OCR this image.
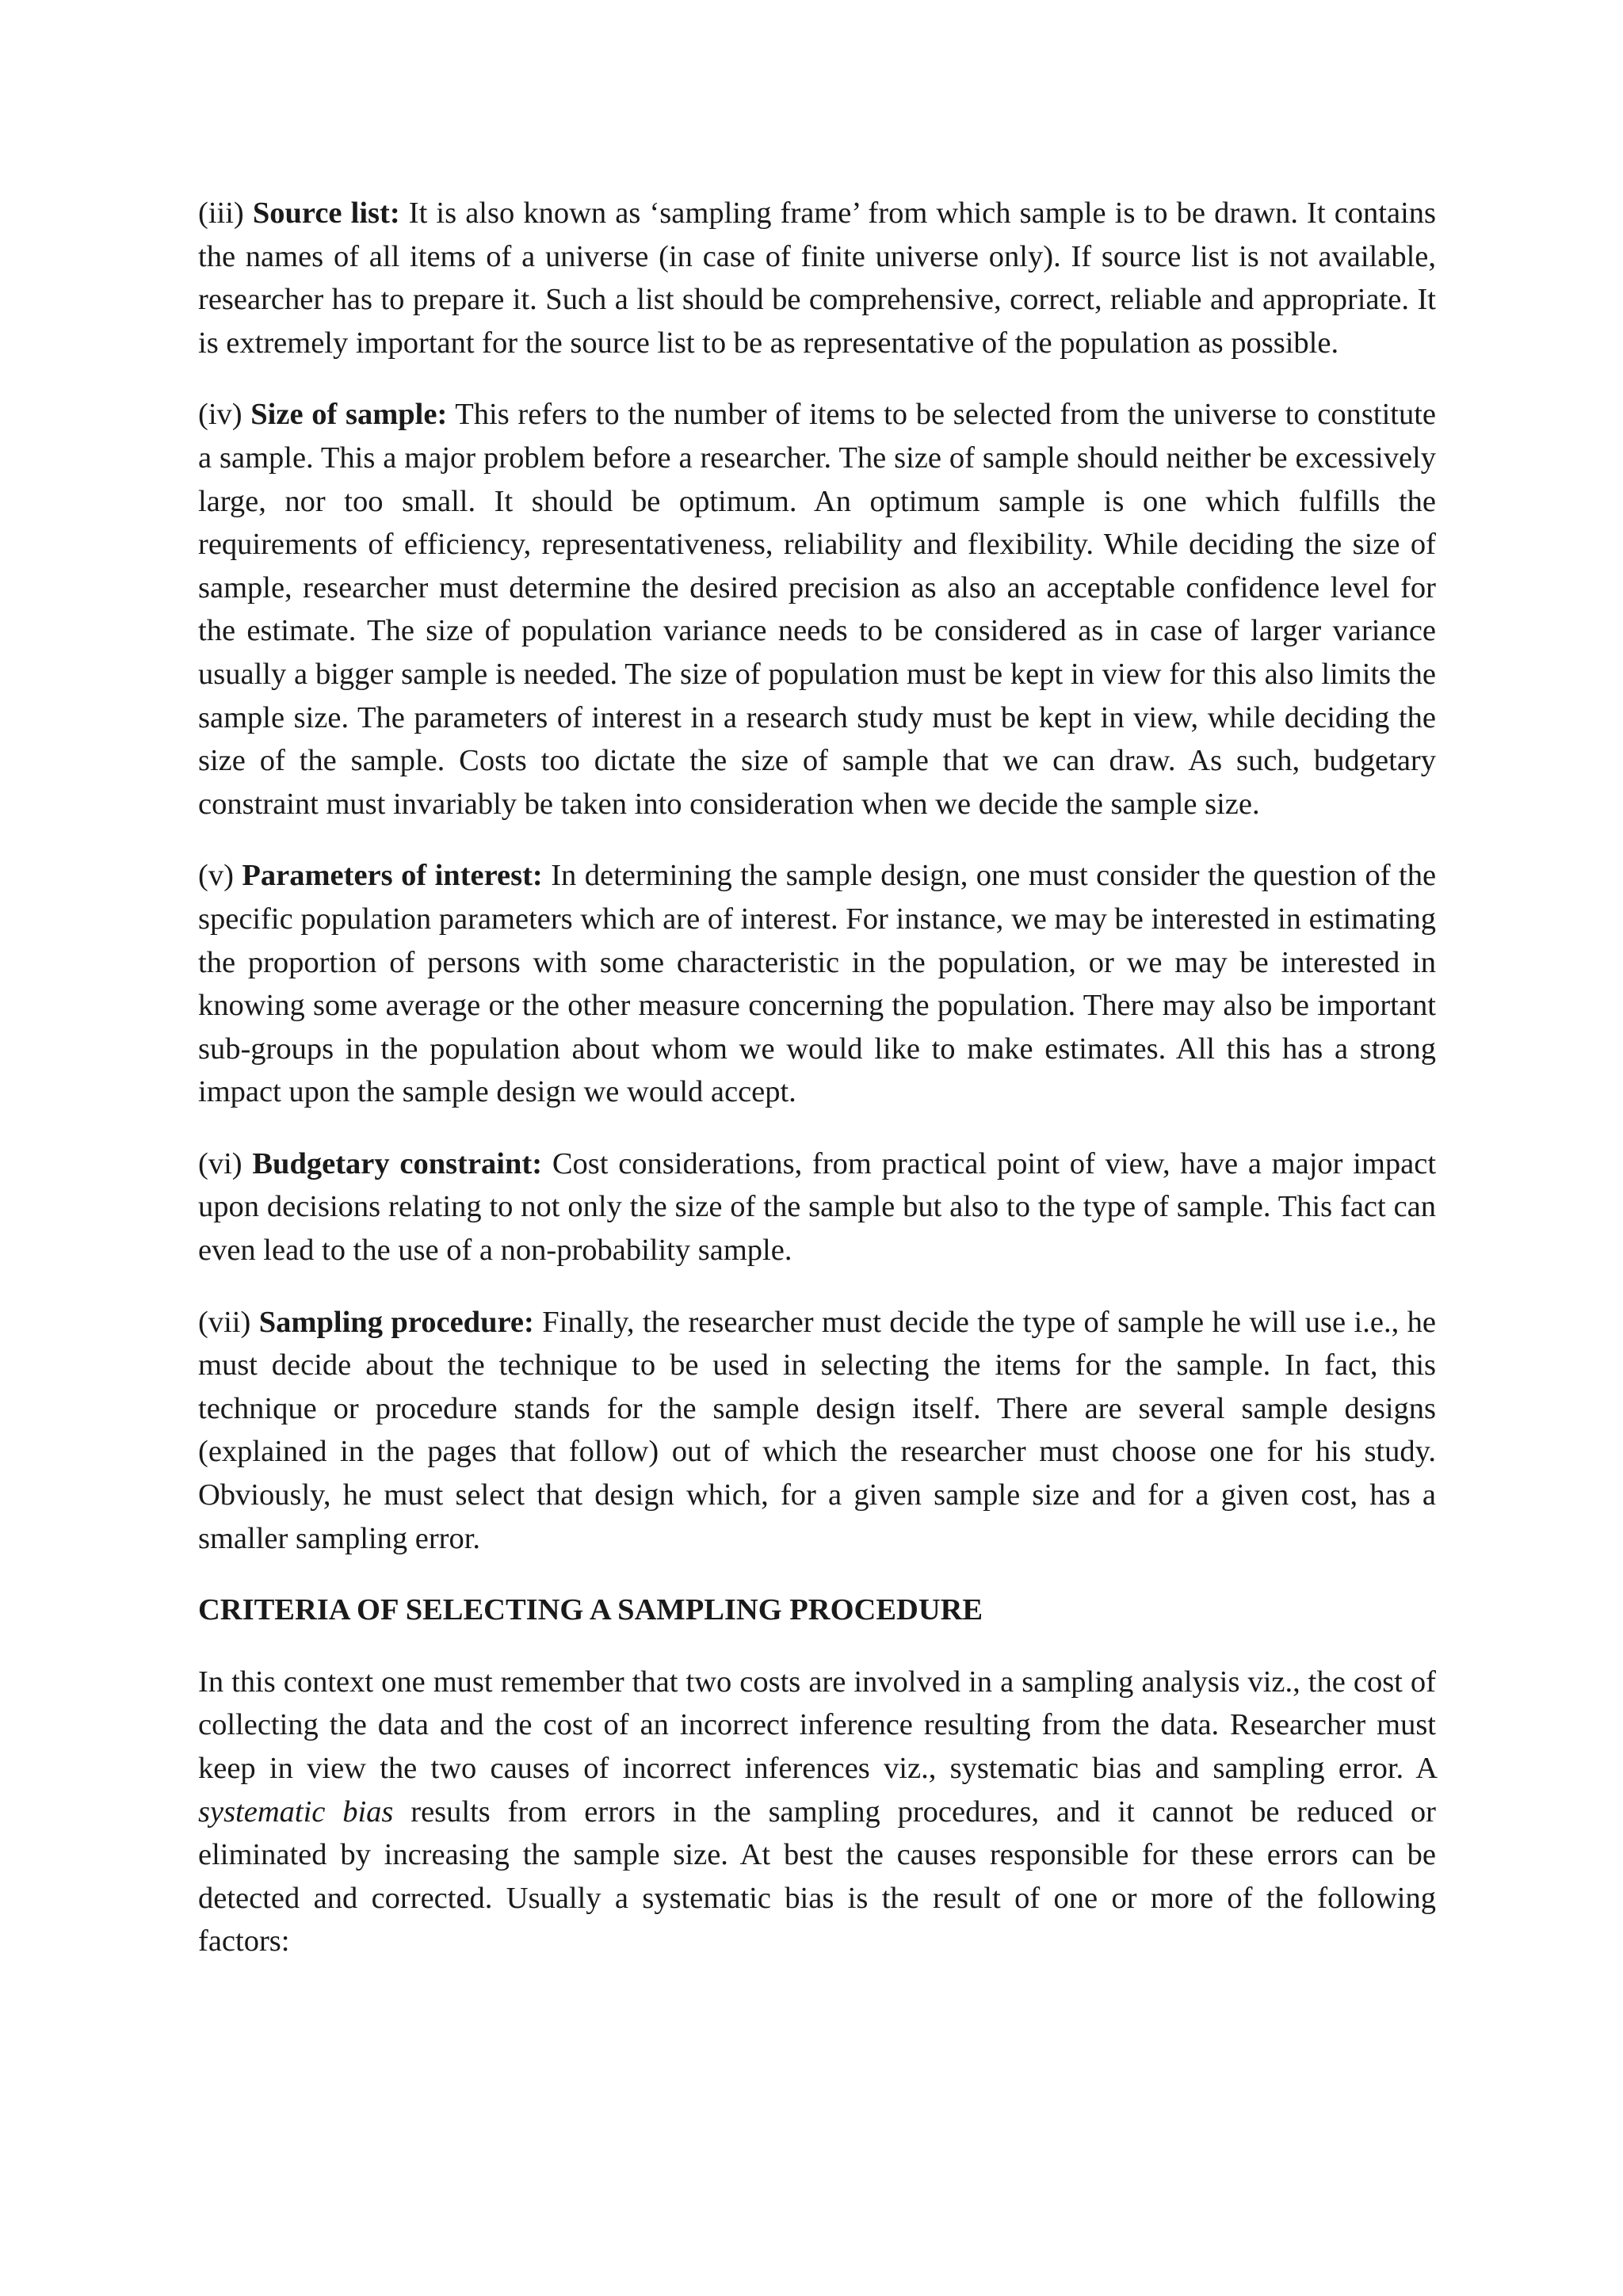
(iii) Source list: It is also known as ‘sampling frame’ from which sample is to be drawn. It contains the names of all items of a universe (in case of finite universe only). If source list is not available, researcher has to prepare it. Such a list should be comprehensive, correct, reliable and appropriate. It is extremely important for the source list to be as representative of the population as possible.

(iv) Size of sample: This refers to the number of items to be selected from the universe to constitute a sample. This a major problem before a researcher. The size of sample should neither be excessively large, nor too small. It should be optimum. An optimum sample is one which fulfills the requirements of efficiency, representativeness, reliability and flexibility. While deciding the size of sample, researcher must determine the desired precision as also an acceptable confidence level for the estimate. The size of population variance needs to be considered as in case of larger variance usually a bigger sample is needed. The size of population must be kept in view for this also limits the sample size. The parameters of interest in a research study must be kept in view, while deciding the size of the sample. Costs too dictate the size of sample that we can draw. As such, budgetary constraint must invariably be taken into consideration when we decide the sample size.

(v) Parameters of interest: In determining the sample design, one must consider the question of the specific population parameters which are of interest. For instance, we may be interested in estimating the proportion of persons with some characteristic in the population, or we may be interested in knowing some average or the other measure concerning the population. There may also be important sub-groups in the population about whom we would like to make estimates. All this has a strong impact upon the sample design we would accept.

(vi) Budgetary constraint: Cost considerations, from practical point of view, have a major impact upon decisions relating to not only the size of the sample but also to the type of sample. This fact can even lead to the use of a non-probability sample.

(vii) Sampling procedure: Finally, the researcher must decide the type of sample he will use i.e., he must decide about the technique to be used in selecting the items for the sample. In fact, this technique or procedure stands for the sample design itself. There are several sample designs (explained in the pages that follow) out of which the researcher must choose one for his study. Obviously, he must select that design which, for a given sample size and for a given cost, has a smaller sampling error.

CRITERIA OF SELECTING A SAMPLING PROCEDURE

In this context one must remember that two costs are involved in a sampling analysis viz., the cost of collecting the data and the cost of an incorrect inference resulting from the data. Researcher must keep in view the two causes of incorrect inferences viz., systematic bias and sampling error. A systematic bias results from errors in the sampling procedures, and it cannot be reduced or eliminated by increasing the sample size. At best the causes responsible for these errors can be detected and corrected. Usually a systematic bias is the result of one or more of the following factors:
